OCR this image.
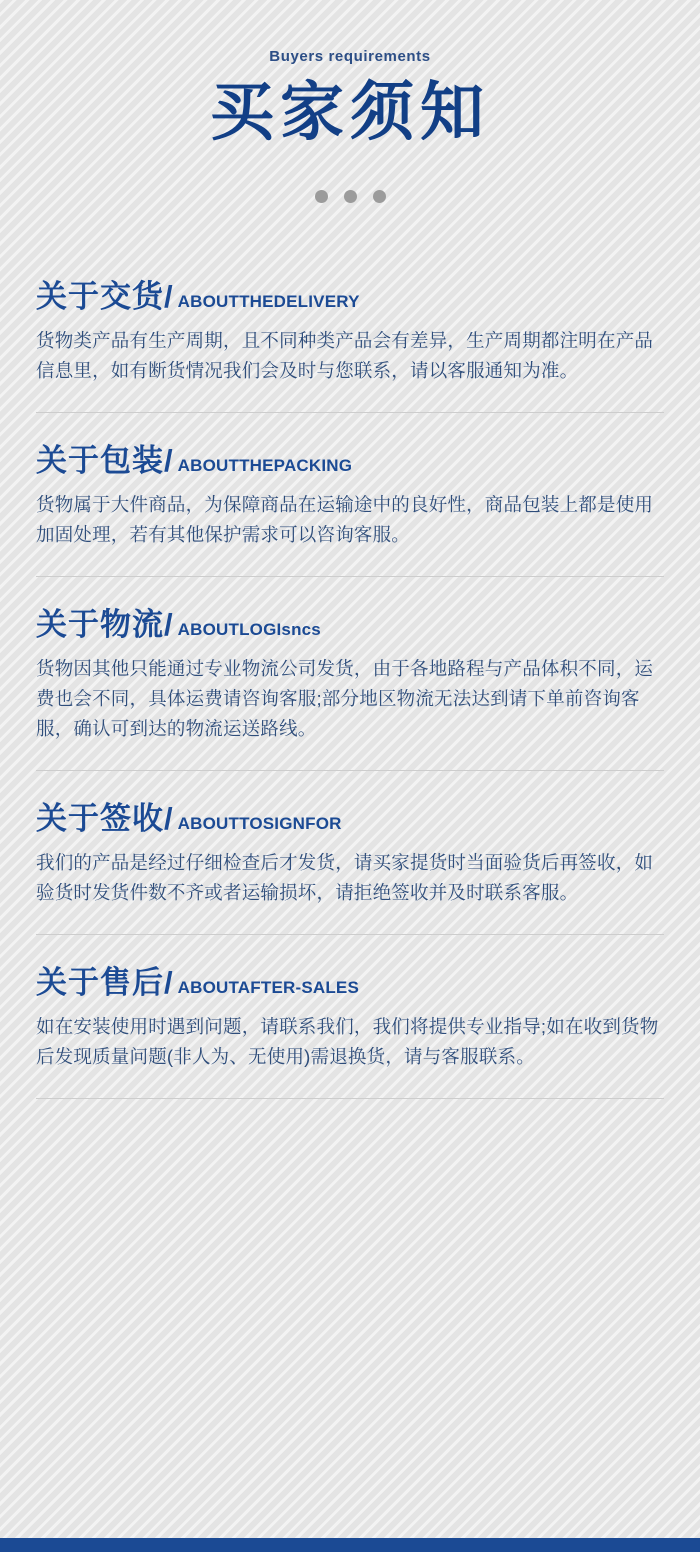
Buyers requirements
买家须知
关于交货 / ABOUTTHEDELIVERY
货物类产品有生产周期，且不同种类产品会有差异，生产周期都注明在产品信息里，如有断货情况我们会及时与您联系，请以客服通知为准。
关于包装 / ABOUTTHEPACKING
货物属于大件商品，为保障商品在运输途中的良好性，商品包装上都是使用加固处理，若有其他保护需求可以咨询客服。
关于物流 / ABOUTLOGIsncs
货物因其他只能通过专业物流公司发货，由于各地路程与产品体积不同，运费也会不同，具体运费请咨询客服;部分地区物流无法达到请下单前咨询客服，确认可到达的物流运送路线。
关于签收 / ABOUTTOSIGNFOR
我们的产品是经过仔细检查后才发货，请买家提货时当面验货后再签收，如验货时发货件数不齐或者运输损坏，请拒绝签收并及时联系客服。
关于售后 / ABOUTAFTER-SALES
如在安装使用时遇到问题，请联系我们，我们将提供专业指导;如在收到货物后发现质量问题(非人为、无使用)需退换货，请与客服联系。
